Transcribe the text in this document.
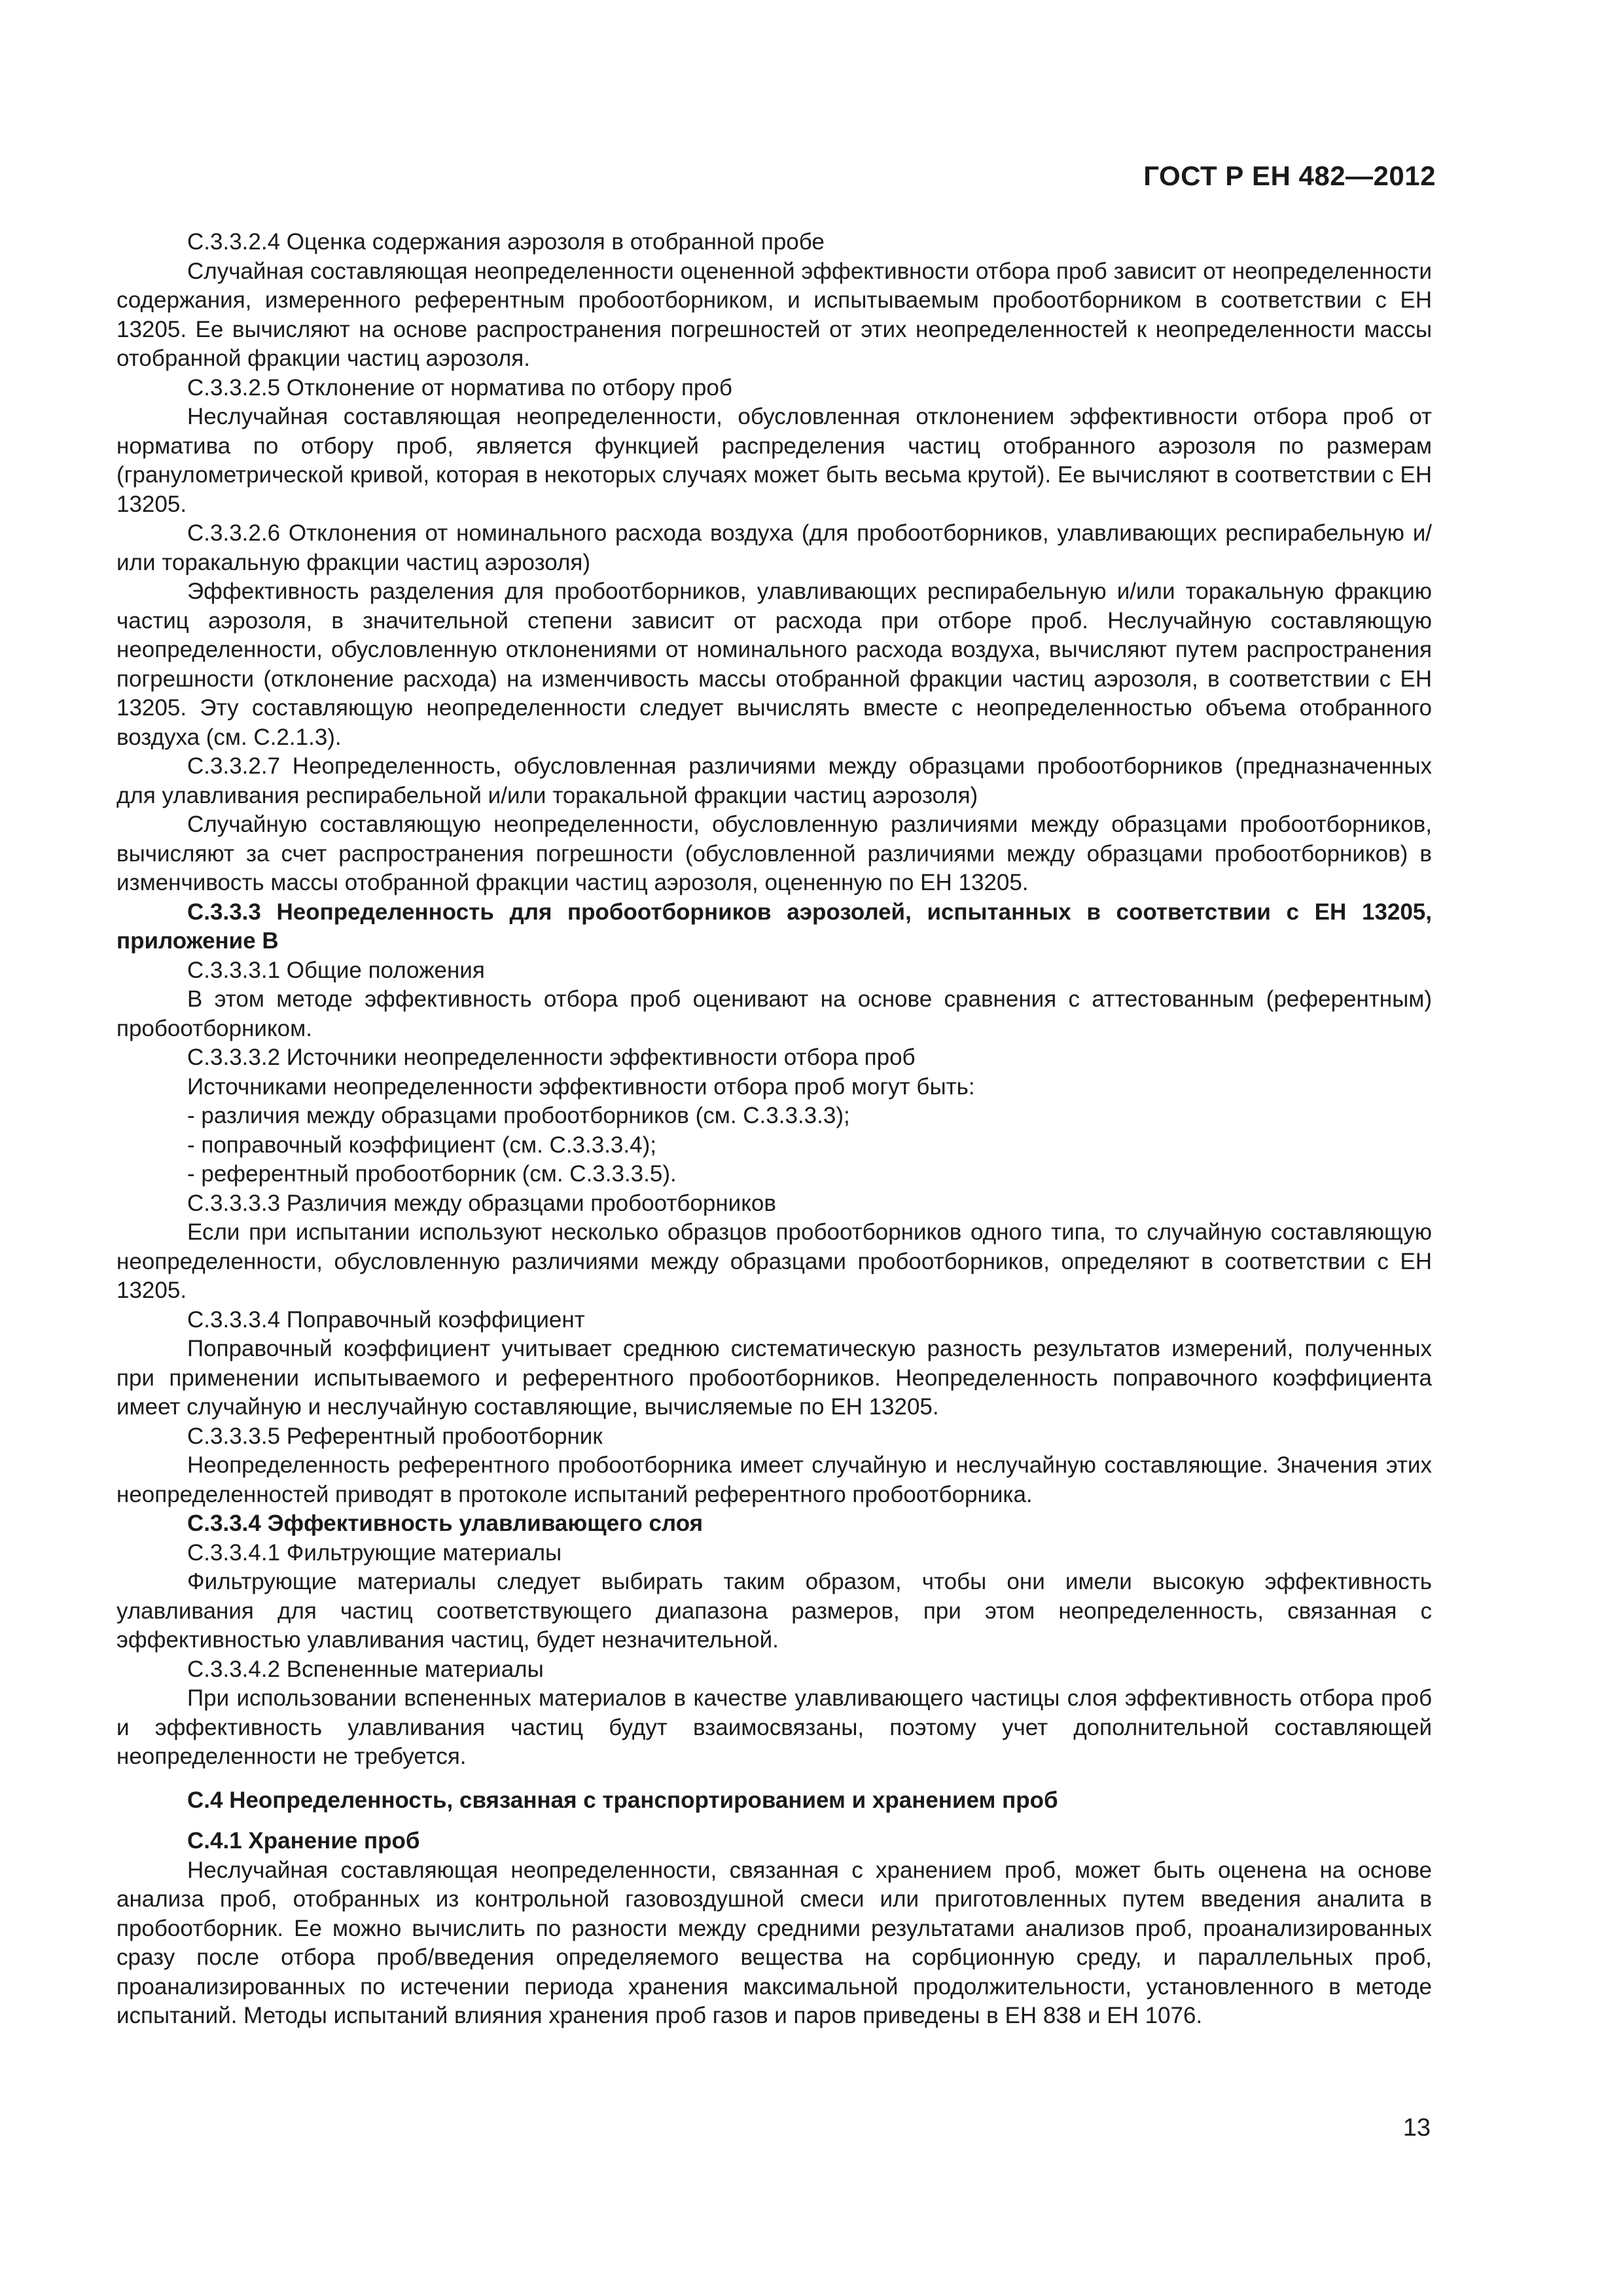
ГОСТ Р ЕН 482—2012

С.3.3.2.4 Оценка содержания аэрозоля в отобранной пробе

Случайная составляющая неопределенности оцененной эффективности отбора проб зависит от неопределенности содержания, измеренного референтным пробоотборником, и испытываемым пробоотборником в соответствии с ЕН 13205. Ее вычисляют на основе распространения погрешностей от этих неопределенностей к неопределенности массы отобранной фракции частиц аэрозоля.

С.3.3.2.5 Отклонение от норматива по отбору проб

Неслучайная составляющая неопределенности, обусловленная отклонением эффективности отбора проб от норматива по отбору проб, является функцией распределения частиц отобранного аэрозоля по размерам (гранулометрической кривой, которая в некоторых случаях может быть весьма крутой). Ее вычисляют в соответствии с ЕН 13205.

С.3.3.2.6 Отклонения от номинального расхода воздуха (для пробоотборников, улавливающих респирабельную и/или торакальную фракции частиц аэрозоля)

Эффективность разделения для пробоотборников, улавливающих респирабельную и/или торакальную фракцию частиц аэрозоля, в значительной степени зависит от расхода при отборе проб. Неслучайную составляющую неопределенности, обусловленную отклонениями от номинального расхода воздуха, вычисляют путем распространения погрешности (отклонение расхода) на изменчивость массы отобранной фракции частиц аэрозоля, в соответствии с ЕН 13205. Эту составляющую неопределенности следует вычислять вместе с неопределенностью объема отобранного воздуха (см. С.2.1.3).

С.3.3.2.7 Неопределенность, обусловленная различиями между образцами пробоотборников (предназначенных для улавливания респирабельной и/или торакальной фракции частиц аэрозоля)

Случайную составляющую неопределенности, обусловленную различиями между образцами пробоотборников, вычисляют за счет распространения погрешности (обусловленной различиями между образцами пробоотборников) в изменчивость массы отобранной фракции частиц аэрозоля, оцененную по ЕН 13205.

С.3.3.3 Неопределенность для пробоотборников аэрозолей, испытанных в соответствии с ЕН 13205, приложение В

С.3.3.3.1 Общие положения

В этом методе эффективность отбора проб оценивают на основе сравнения с аттестованным (референтным) пробоотборником.

С.3.3.3.2 Источники неопределенности эффективности отбора проб

Источниками неопределенности эффективности отбора проб могут быть:

- различия между образцами пробоотборников (см. С.3.3.3.3);

- поправочный коэффициент (см. С.3.3.3.4);

- референтный пробоотборник (см. С.3.3.3.5).

С.3.3.3.3 Различия между образцами пробоотборников

Если при испытании используют несколько образцов пробоотборников одного типа, то случайную составляющую неопределенности, обусловленную различиями между образцами пробоотборников, определяют в соответствии с ЕН 13205.

С.3.3.3.4 Поправочный коэффициент

Поправочный коэффициент учитывает среднюю систематическую разность результатов измерений, полученных при применении испытываемого и референтного пробоотборников. Неопределенность поправочного коэффициента имеет случайную и неслучайную составляющие, вычисляемые по ЕН 13205.

С.3.3.3.5 Референтный пробоотборник

Неопределенность референтного пробоотборника имеет случайную и неслучайную составляющие. Значения этих неопределенностей приводят в протоколе испытаний референтного пробоотборника.

С.3.3.4 Эффективность улавливающего слоя

С.3.3.4.1 Фильтрующие материалы

Фильтрующие материалы следует выбирать таким образом, чтобы они имели высокую эффективность улавливания для частиц соответствующего диапазона размеров, при этом неопределенность, связанная с эффективностью улавливания частиц, будет незначительной.

С.3.3.4.2 Вспененные материалы

При использовании вспененных материалов в качестве улавливающего частицы слоя эффективность отбора проб и эффективность улавливания частиц будут взаимосвязаны, поэтому учет дополнительной составляющей неопределенности не требуется.

С.4 Неопределенность, связанная с транспортированием и хранением проб

С.4.1 Хранение проб

Неслучайная составляющая неопределенности, связанная с хранением проб, может быть оценена на основе анализа проб, отобранных из контрольной газовоздушной смеси или приготовленных путем введения аналита в пробоотборник. Ее можно вычислить по разности между средними результатами анализов проб, проанализированных сразу после отбора проб/введения определяемого вещества на сорбционную среду, и параллельных проб, проанализированных по истечении периода хранения максимальной продолжительности, установленного в методе испытаний. Методы испытаний влияния хранения проб газов и паров приведены в ЕН 838 и ЕН 1076.

13
